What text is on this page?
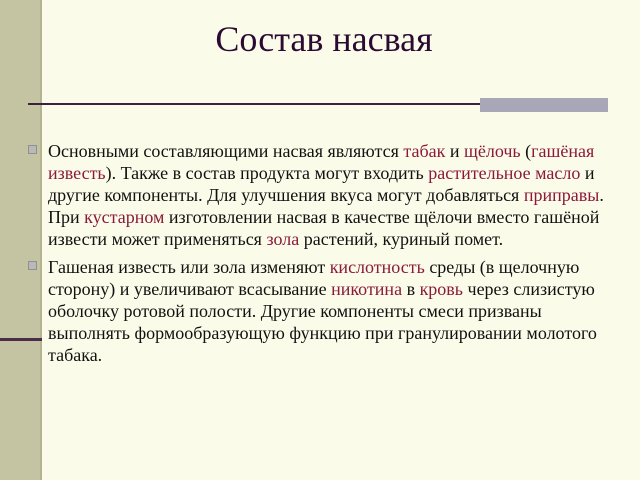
Состав насвая

Основными составляющими насвая являются табак и щёлочь (гашёная известь). Также в состав продукта могут входить растительное масло и другие компоненты. Для улучшения вкуса могут добавляться приправы. При кустарном изготовлении насвая в качестве щёлочи вместо гашёной извести может применяться зола растений, куриный помет.

Гашеная известь или зола изменяют кислотность среды (в щелочную сторону) и увеличивают всасывание никотина в кровь через слизистую оболочку ротовой полости. Другие компоненты смеси призваны выполнять формообразующую функцию при гранулировании молотого табака.
